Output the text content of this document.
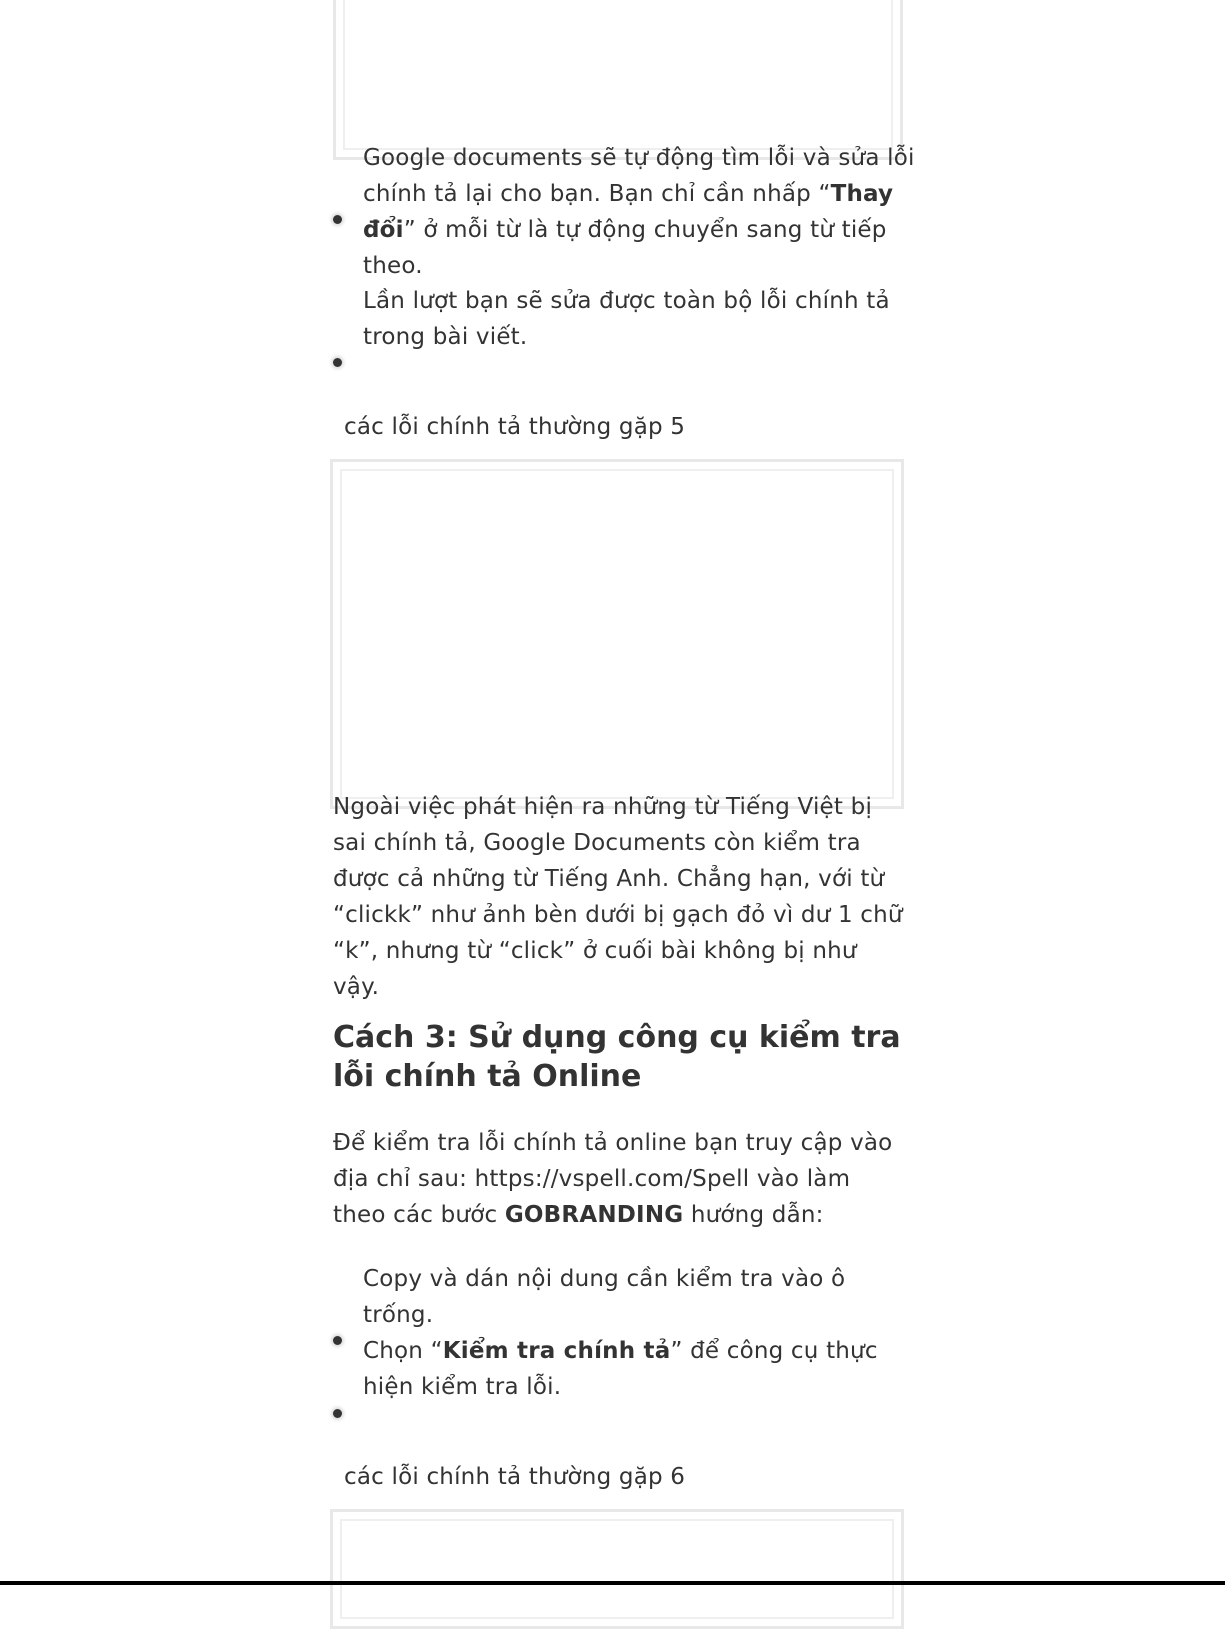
Google documents sẽ tự động tìm lỗi và sửa lỗi chính tả lại cho bạn. Bạn chỉ cần nhấp “Thay đổi” ở mỗi từ là tự động chuyển sang từ tiếp theo.

Lần lượt bạn sẽ sửa được toàn bộ lỗi chính tả trong bài viết.

các lỗi chính tả thường gặp 5

Ngoài việc phát hiện ra những từ Tiếng Việt bị sai chính tả, Google Documents còn kiểm tra được cả những từ Tiếng Anh. Chẳng hạn, với từ “clickk” như ảnh bèn dưới bị gạch đỏ vì dư 1 chữ “k”, nhưng từ “click” ở cuối bài không bị như vậy.

Cách 3: Sử dụng công cụ kiểm tra lỗi chính tả Online

Để kiểm tra lỗi chính tả online bạn truy cập vào địa chỉ sau: https://vspell.com/Spell vào làm theo các bước GOBRANDING hướng dẫn:

Copy và dán nội dung cần kiểm tra vào ô trống.

Chọn “Kiểm tra chính tả” để công cụ thực hiện kiểm tra lỗi.

các lỗi chính tả thường gặp 6
